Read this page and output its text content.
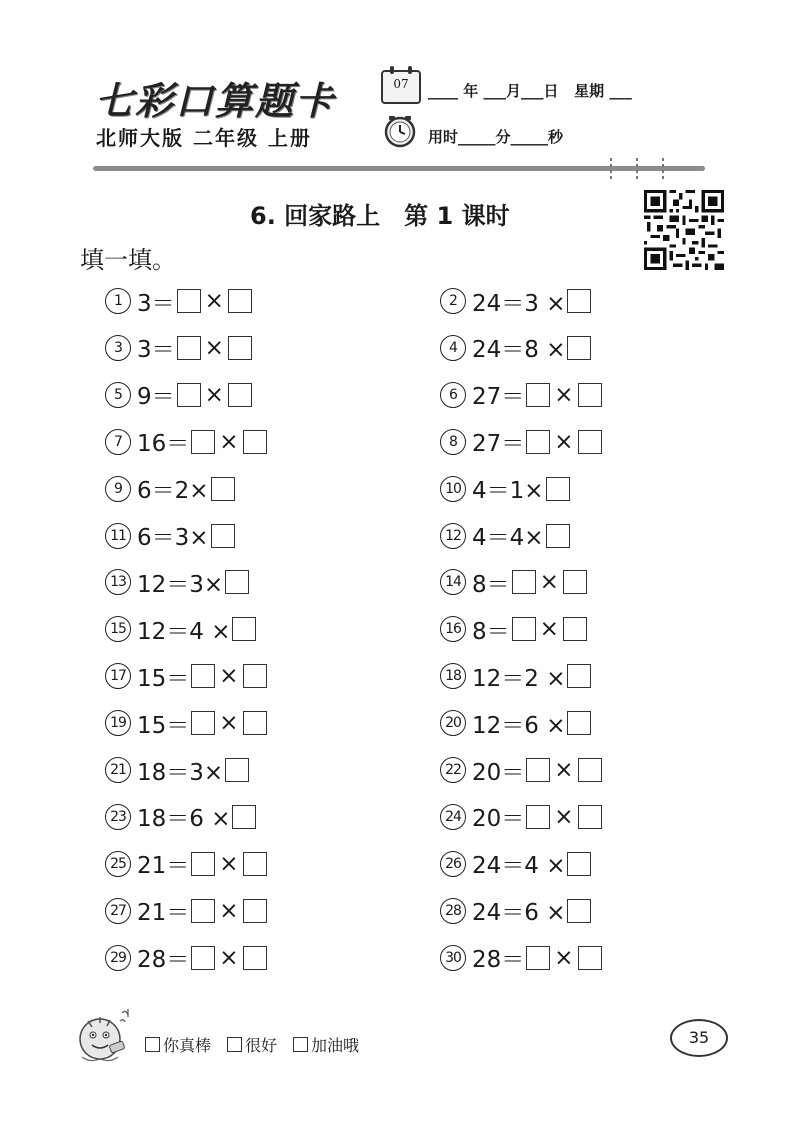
七彩口算题卡
北师大版 二年级 上册
07	____ 年 ___月___日   星期 ___
用时_____分_____秒
6. 回家路上　第 1 课时
填一填。
1 3＝ ×	2 24＝3 ×
3 3＝ ×	4 24＝8 ×
5 9＝ ×	6 27＝ ×
7 16＝ ×	8 27＝ ×
9 6＝2×	10 4＝1×
11 6＝3×	12 4＝4×
13 12＝3×	14 8＝ ×
15 12＝4 ×	16 8＝ ×
17 15＝ ×	18 12＝2 ×
19 15＝ ×	20 12＝6 ×
21 18＝3×	22 20＝ ×
23 18＝6 ×	24 20＝ ×
25 21＝ ×	26 24＝4 ×
27 21＝ ×	28 24＝6 ×
29 28＝ ×	30 28＝ ×
你真棒 很好 加油哦	35
